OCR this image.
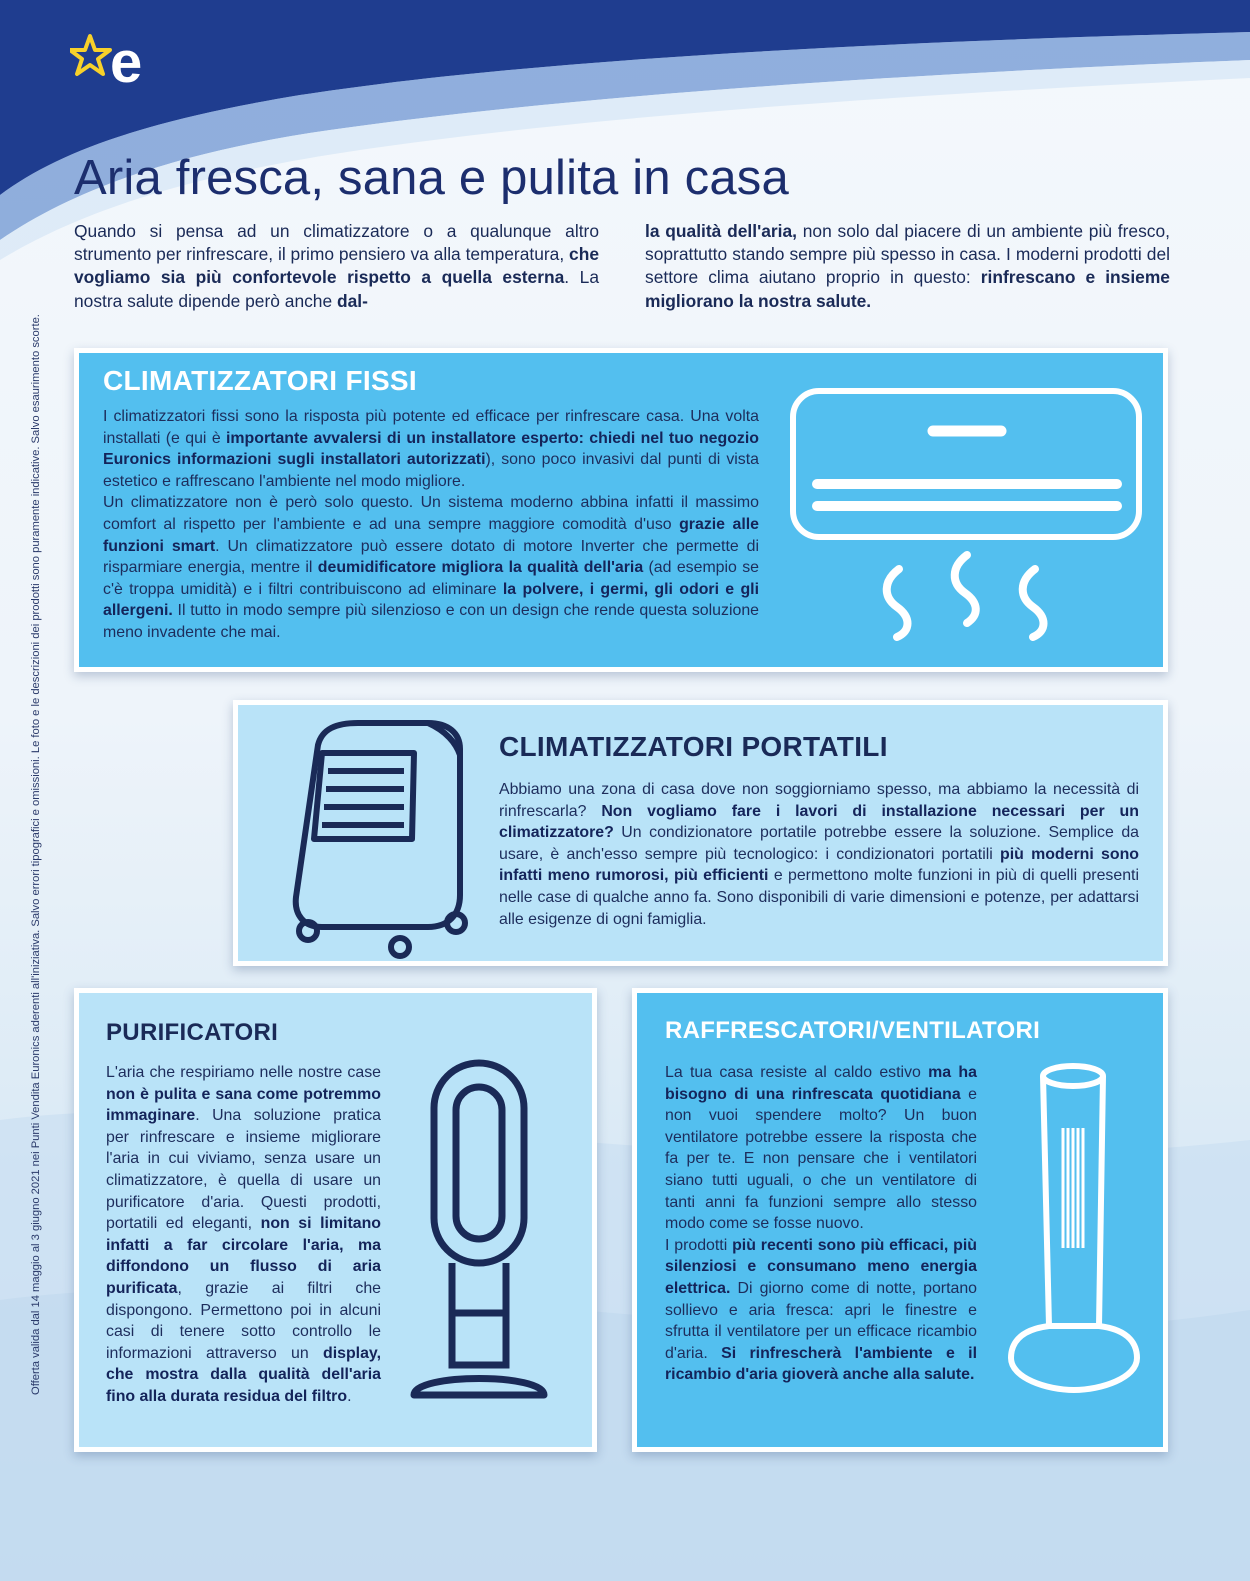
e
Offerta valida dal 14 maggio al 3 giugno 2021 nei Punti Vendita Euronics aderenti all'iniziativa. Salvo errori tipografici e omissioni. Le foto e le descrizioni dei prodotti sono puramente indicative. Salvo esaurimento scorte.
Aria fresca, sana e pulita in casa
Quando si pensa ad un climatizzatore o a qualunque altro strumento per rinfrescare, il primo pensiero va alla temperatura, che vogliamo sia più confortevole rispetto a quella esterna. La nostra salute dipende però anche dal-
la qualità dell'aria, non solo dal piacere di un ambiente più fresco, soprattutto stando sempre più spesso in casa. I moderni prodotti del settore clima aiutano proprio in questo: rinfrescano e insieme migliorano la nostra salute.
CLIMATIZZATORI FISSI

I climatizzatori fissi sono la risposta più potente ed efficace per rinfrescare casa. Una volta installati (e qui è importante avvalersi di un installatore esperto: chiedi nel tuo negozio Euronics informazioni sugli installatori autorizzati), sono poco invasivi dal punti di vista estetico e raffrescano l'ambiente nel modo migliore.

Un climatizzatore non è però solo questo. Un sistema moderno abbina infatti il massimo comfort al rispetto per l'ambiente e ad una sempre maggiore comodità d'uso grazie alle funzioni smart. Un climatizzatore può essere dotato di motore Inverter che permette di risparmiare energia, mentre il deumidificatore migliora la qualità dell'aria (ad esempio se c'è troppa umidità) e i filtri contribuiscono ad eliminare la polvere, i germi, gli odori e gli allergeni. Il tutto in modo sempre più silenzioso e con un design che rende questa soluzione meno invadente che mai.

CLIMATIZZATORI PORTATILI

Abbiamo una zona di casa dove non soggiorniamo spesso, ma abbiamo la necessità di rinfrescarla? Non vogliamo fare i lavori di installazione necessari per un climatizzatore? Un condizionatore portatile potrebbe essere la soluzione. Semplice da usare, è anch'esso sempre più tecnologico: i condizionatori portatili più moderni sono infatti meno rumorosi, più efficienti e permettono molte funzioni in più di quelli presenti nelle case di qualche anno fa. Sono disponibili di varie dimensioni e potenze, per adattarsi alle esigenze di ogni famiglia.

PURIFICATORI

L'aria che respiriamo nelle nostre case non è pulita e sana come potremmo immaginare. Una soluzione pratica per rinfrescare e insieme migliorare l'aria in cui viviamo, senza usare un climatizzatore, è quella di usare un purificatore d'aria. Questi prodotti, portatili ed eleganti, non si limitano infatti a far circolare l'aria, ma diffondono un flusso di aria purificata, grazie ai filtri che dispongono. Permettono poi in alcuni casi di tenere sotto controllo le informazioni attraverso un display, che mostra dalla qualità dell'aria fino alla durata residua del filtro.

RAFFRESCATORI/VENTILATORI

La tua casa resiste al caldo estivo ma ha bisogno di una rinfrescata quotidiana e non vuoi spendere molto? Un buon ventilatore potrebbe essere la risposta che fa per te. E non pensare che i ventilatori siano tutti uguali, o che un ventilatore di tanti anni fa funzioni sempre allo stesso modo come se fosse nuovo.

I prodotti più recenti sono più efficaci, più silenziosi e consumano meno energia elettrica. Di giorno come di notte, portano sollievo e aria fresca: apri le finestre e sfrutta il ventilatore per un efficace ricambio d'aria. Si rinfrescherà l'ambiente e il ricambio d'aria gioverà anche alla salute.
